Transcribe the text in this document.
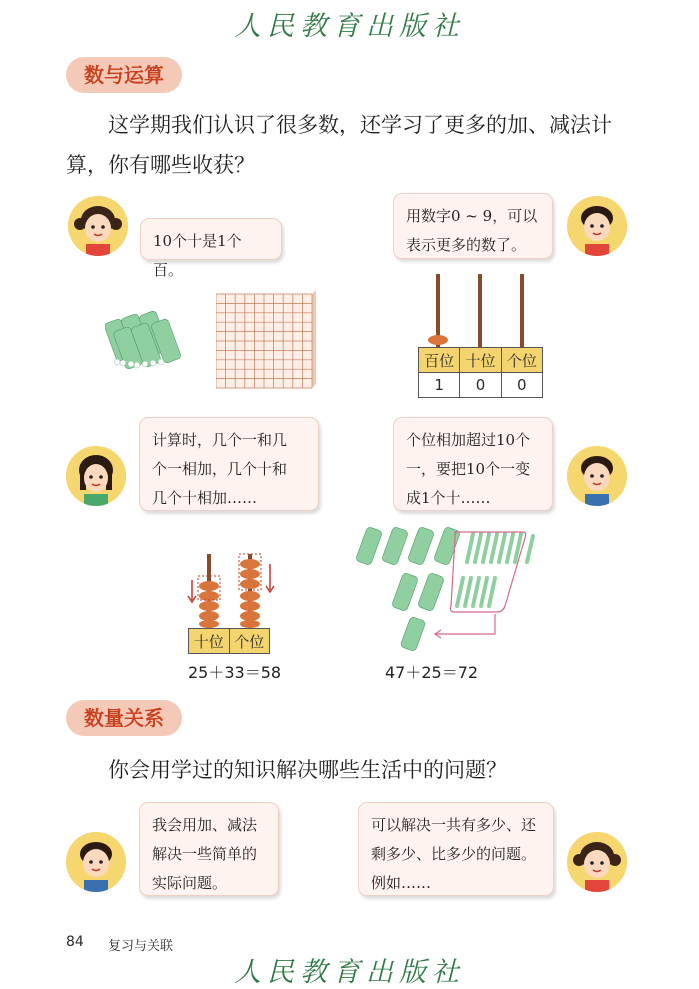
人民教育出版社
数与运算
这学期我们认识了很多数，还学习了更多的加、减法计
算，你有哪些收获？
10个十是1个百。
用数字0 ~ 9，可以
表示更多的数了。
百位	十位	个位
1	0	0
计算时，几个一和几
个一相加，几个十和
几个十相加……
个位相加超过10个
一，要把10个一变
成1个十……
十位	个位
25＋33＝58	47＋25＝72
数量关系
你会用学过的知识解决哪些生活中的问题？
我会用加、减法
解决一些简单的
实际问题。
可以解决一共有多少、还
剩多少、比多少的问题。
例如……
84 复习与关联
人民教育出版社
